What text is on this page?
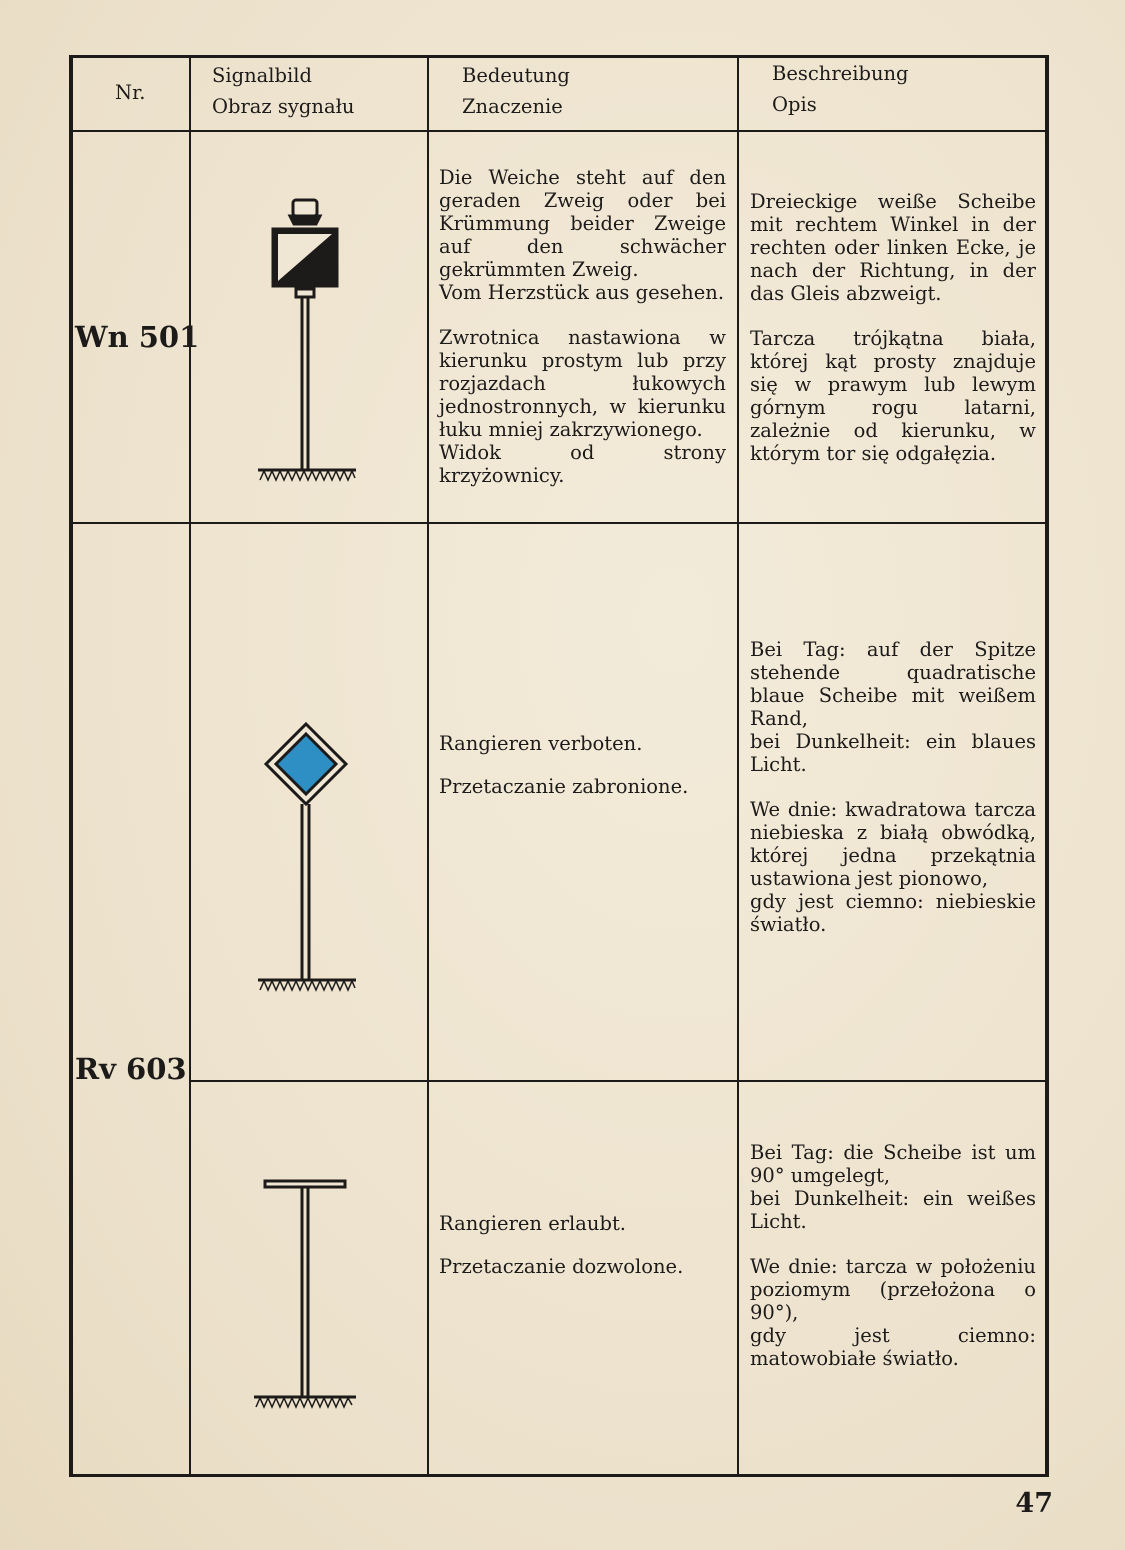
Nr.
Signalbild
Obraz sygnału
Bedeutung
Znaczenie
Beschreibung
Opis
Wn 501
Rv 603

Die Weiche steht auf den geraden Zweig oder bei Krümmung beider Zweige auf den schwächer gekrümmten Zweig.
Vom Herzstück aus gesehen.

Zwrotnica nastawiona w kierunku prostym lub przy rozjazdach łukowych jednostronnych, w kierunku łuku mniej zakrzywionego.
Widok od strony krzyżownicy.

Dreieckige weiße Scheibe mit rechtem Winkel in der rechten oder linken Ecke, je nach der Richtung, in der das Gleis abzweigt.

Tarcza trójkątna biała, której kąt prosty znajduje się w prawym lub lewym górnym rogu latarni, zależnie od kierunku, w którym tor się odgałęzia.

Rangieren verboten.

Przetaczanie zabronione.

Bei Tag: auf der Spitze stehende quadratische blaue Scheibe mit weißem Rand,
bei Dunkelheit: ein blaues Licht.

We dnie: kwadratowa tarcza niebieska z białą obwódką, której jedna przekątnia ustawiona jest pionowo,
gdy jest ciemno: niebieskie światło.

Rangieren erlaubt.

Przetaczanie dozwolone.

Bei Tag: die Scheibe ist um 90° umgelegt,
bei Dunkelheit: ein weißes Licht.

We dnie: tarcza w położeniu poziomym (przełożona o 90°),
gdy jest ciemno: matowobiałe światło.

47
